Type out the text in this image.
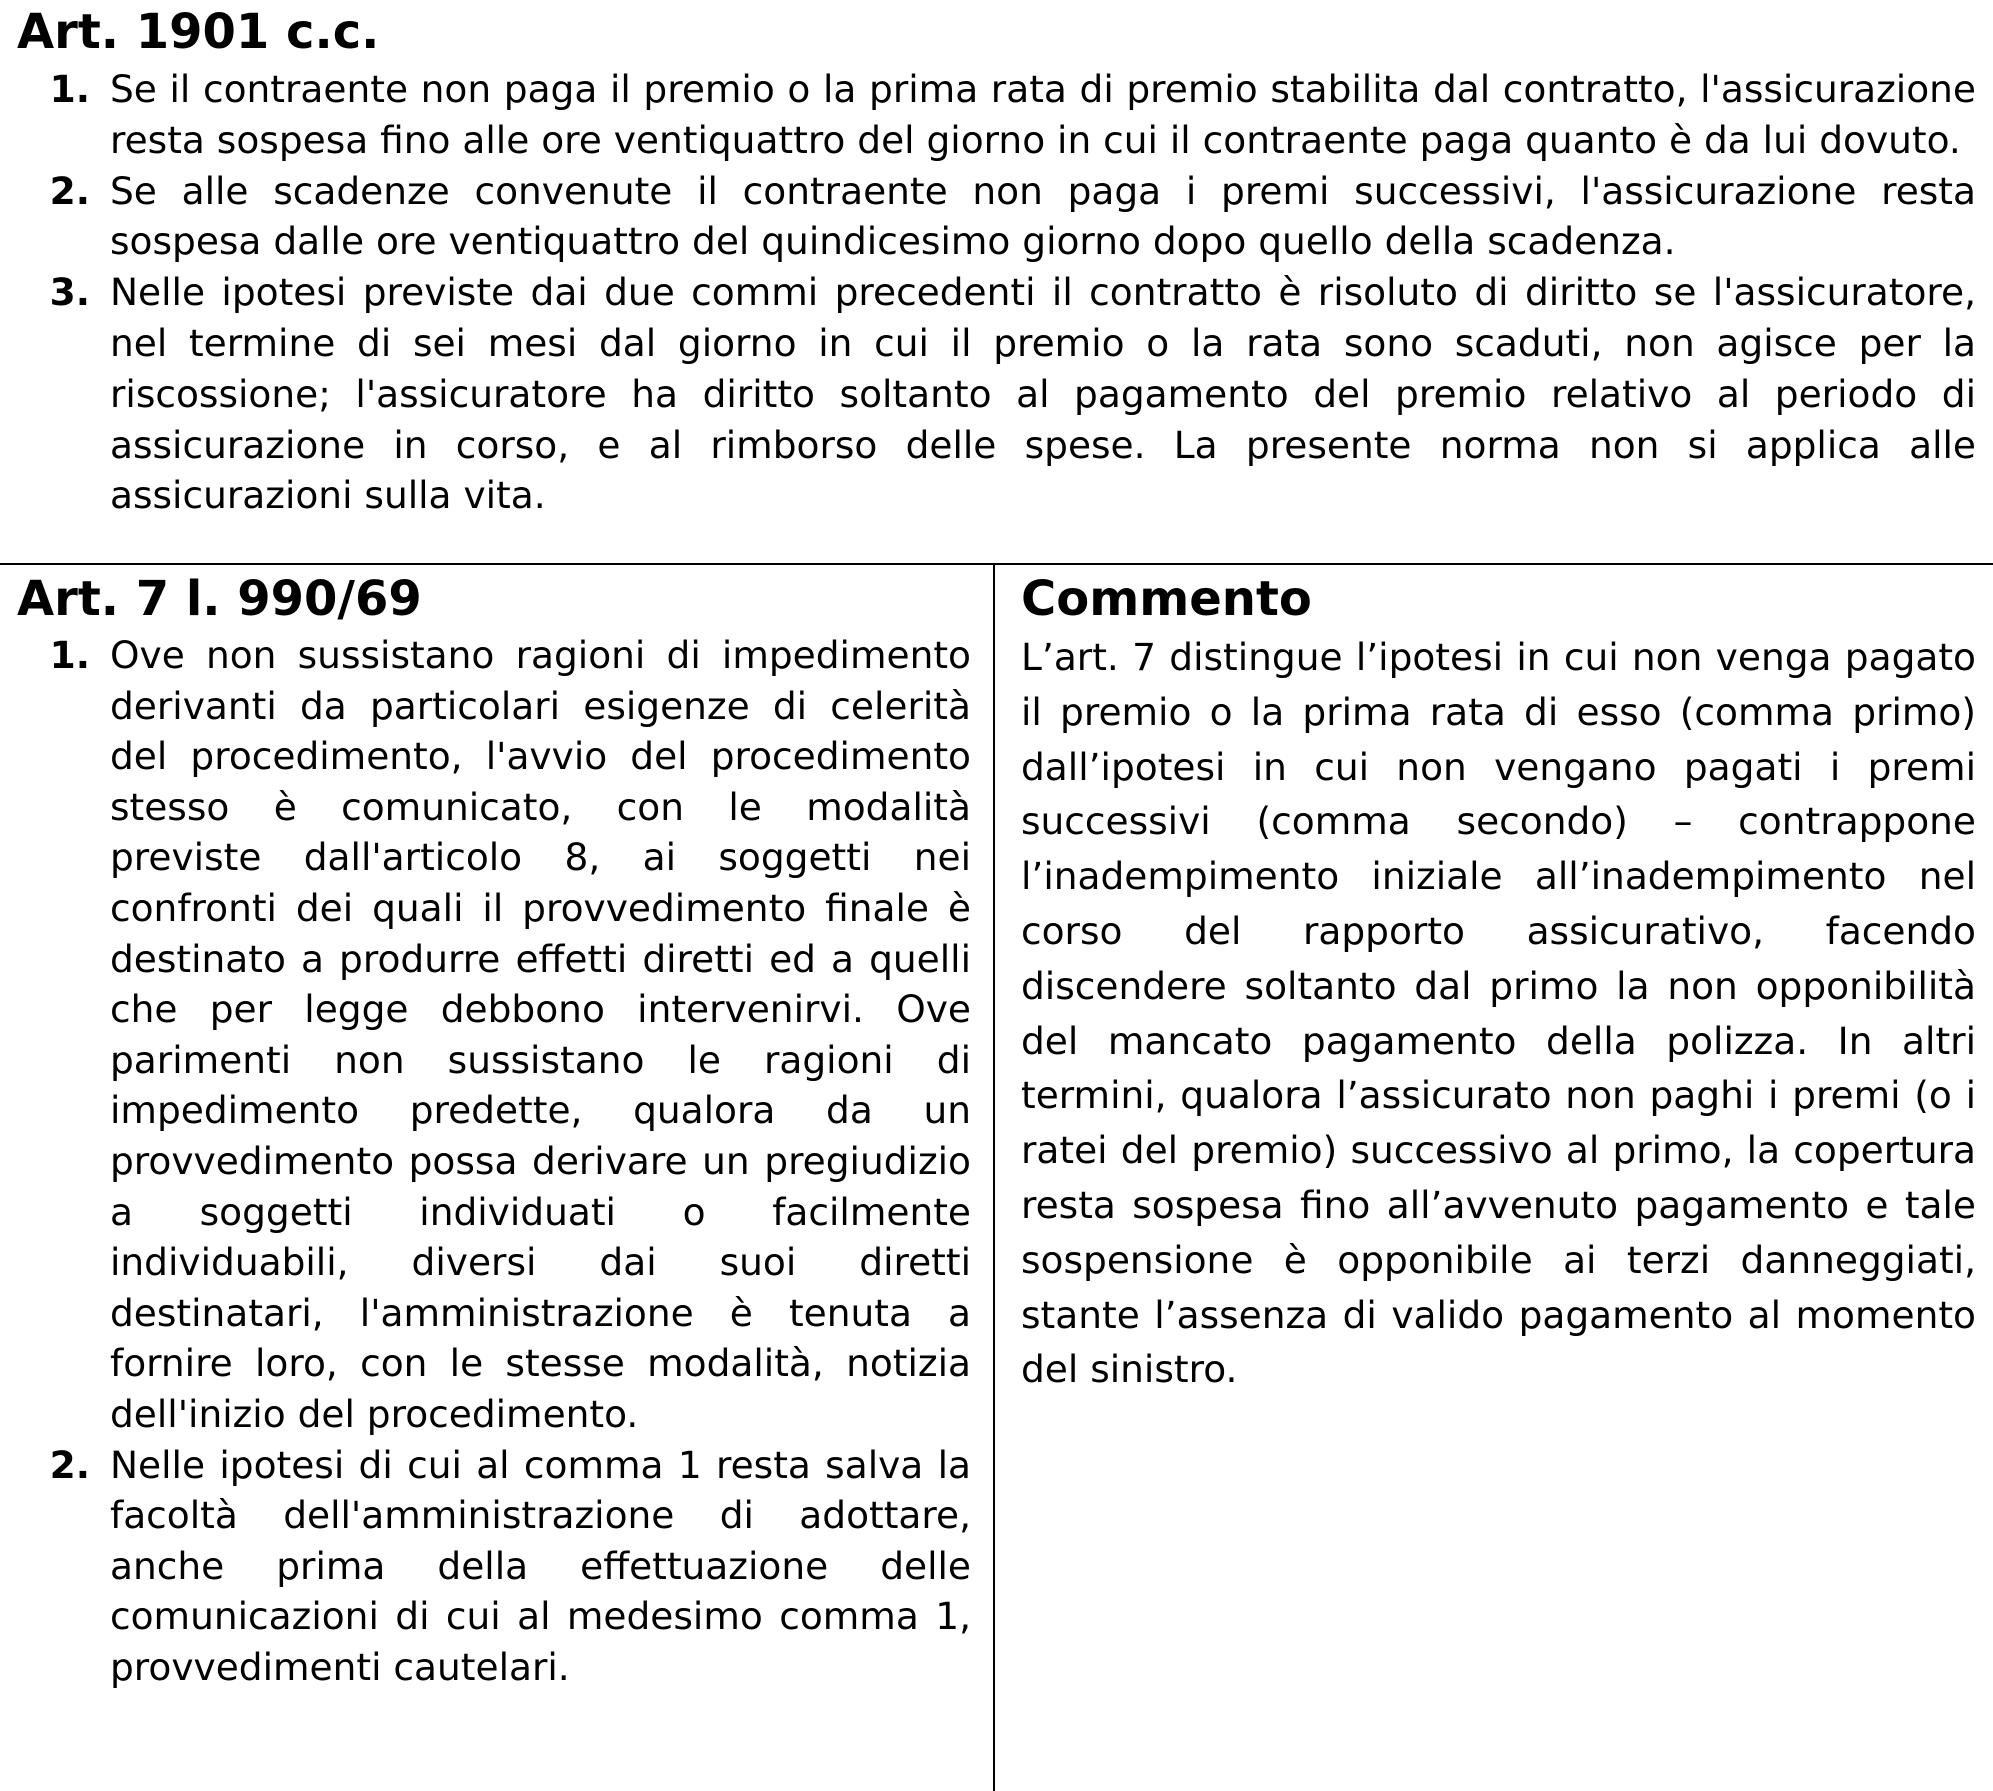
Art. 1901 c.c.
1. Se il contraente non paga il premio o la prima rata di premio stabilita dal contratto, l'assicurazione resta sospesa fino alle ore ventiquattro del giorno in cui il contraente paga quanto è da lui dovuto.
2. Se alle scadenze convenute il contraente non paga i premi successivi, l'assicurazione resta sospesa dalle ore ventiquattro del quindicesimo giorno dopo quello della scadenza.
3. Nelle ipotesi previste dai due commi precedenti il contratto è risoluto di diritto se l'assicuratore, nel termine di sei mesi dal giorno in cui il premio o la rata sono scaduti, non agisce per la riscossione; l'assicuratore ha diritto soltanto al pagamento del premio relativo al periodo di assicurazione in corso, e al rimborso delle spese. La presente norma non si applica alle assicurazioni sulla vita.
Art. 7 l. 990/69
1. Ove non sussistano ragioni di impedimento derivanti da particolari esigenze di celerità del procedimento, l'avvio del procedimento stesso è comunicato, con le modalità previste dall'articolo 8, ai soggetti nei confronti dei quali il provvedimento finale è destinato a produrre effetti diretti ed a quelli che per legge debbono intervenirvi. Ove parimenti non sussistano le ragioni di impedimento predette, qualora da un provvedimento possa derivare un pregiudizio a soggetti individuati o facilmente individuabili, diversi dai suoi diretti destinatari, l'amministrazione è tenuta a fornire loro, con le stesse modalità, notizia dell'inizio del procedimento.
2. Nelle ipotesi di cui al comma 1 resta salva la facoltà dell'amministrazione di adottare, anche prima della effettuazione delle comunicazioni di cui al medesimo comma 1, provvedimenti cautelari.
Commento

L’art. 7 distingue l’ipotesi in cui non venga pagato il premio o la prima rata di esso (comma primo) dall’ipotesi in cui non vengano pagati i premi successivi (comma secondo) – contrappone l’inadempimento iniziale all’inadempimento nel corso del rapporto assicurativo, facendo discendere soltanto dal primo la non opponibilità del mancato pagamento della polizza. In altri termini, qualora l’assicurato non paghi i premi (o i ratei del premio) successivo al primo, la copertura resta sospesa fino all’avvenuto pagamento e tale sospensione è opponibile ai terzi danneggiati, stante l’assenza di valido pagamento al momento del sinistro.
